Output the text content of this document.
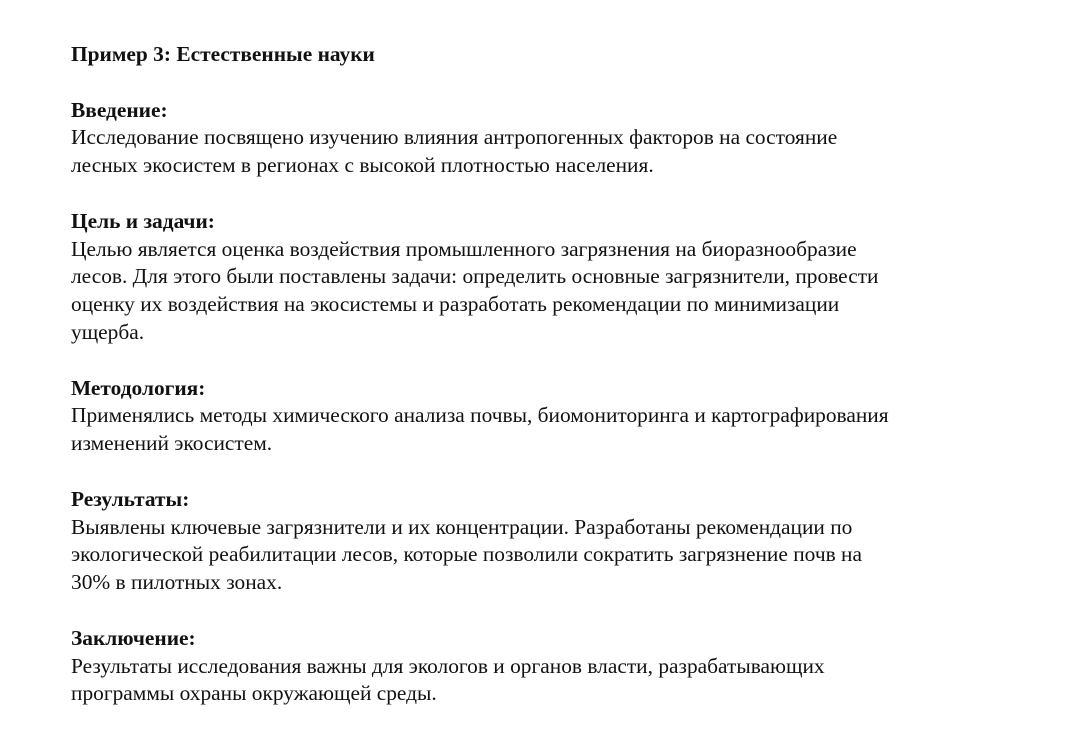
Пример 3: Естественные науки
Введение:

Исследование посвящено изучению влияния антропогенных факторов на состояние
лесных экосистем в регионах с высокой плотностью населения.

Цель и задачи:

Целью является оценка воздействия промышленного загрязнения на биоразнообразие
лесов. Для этого были поставлены задачи: определить основные загрязнители, провести
оценку их воздействия на экосистемы и разработать рекомендации по минимизации
ущерба.

Методология:

Применялись методы химического анализа почвы, биомониторинга и картографирования
изменений экосистем.

Результаты:

Выявлены ключевые загрязнители и их концентрации. Разработаны рекомендации по
экологической реабилитации лесов, которые позволили сократить загрязнение почв на
30% в пилотных зонах.

Заключение:

Результаты исследования важны для экологов и органов власти, разрабатывающих
программы охраны окружающей среды.
